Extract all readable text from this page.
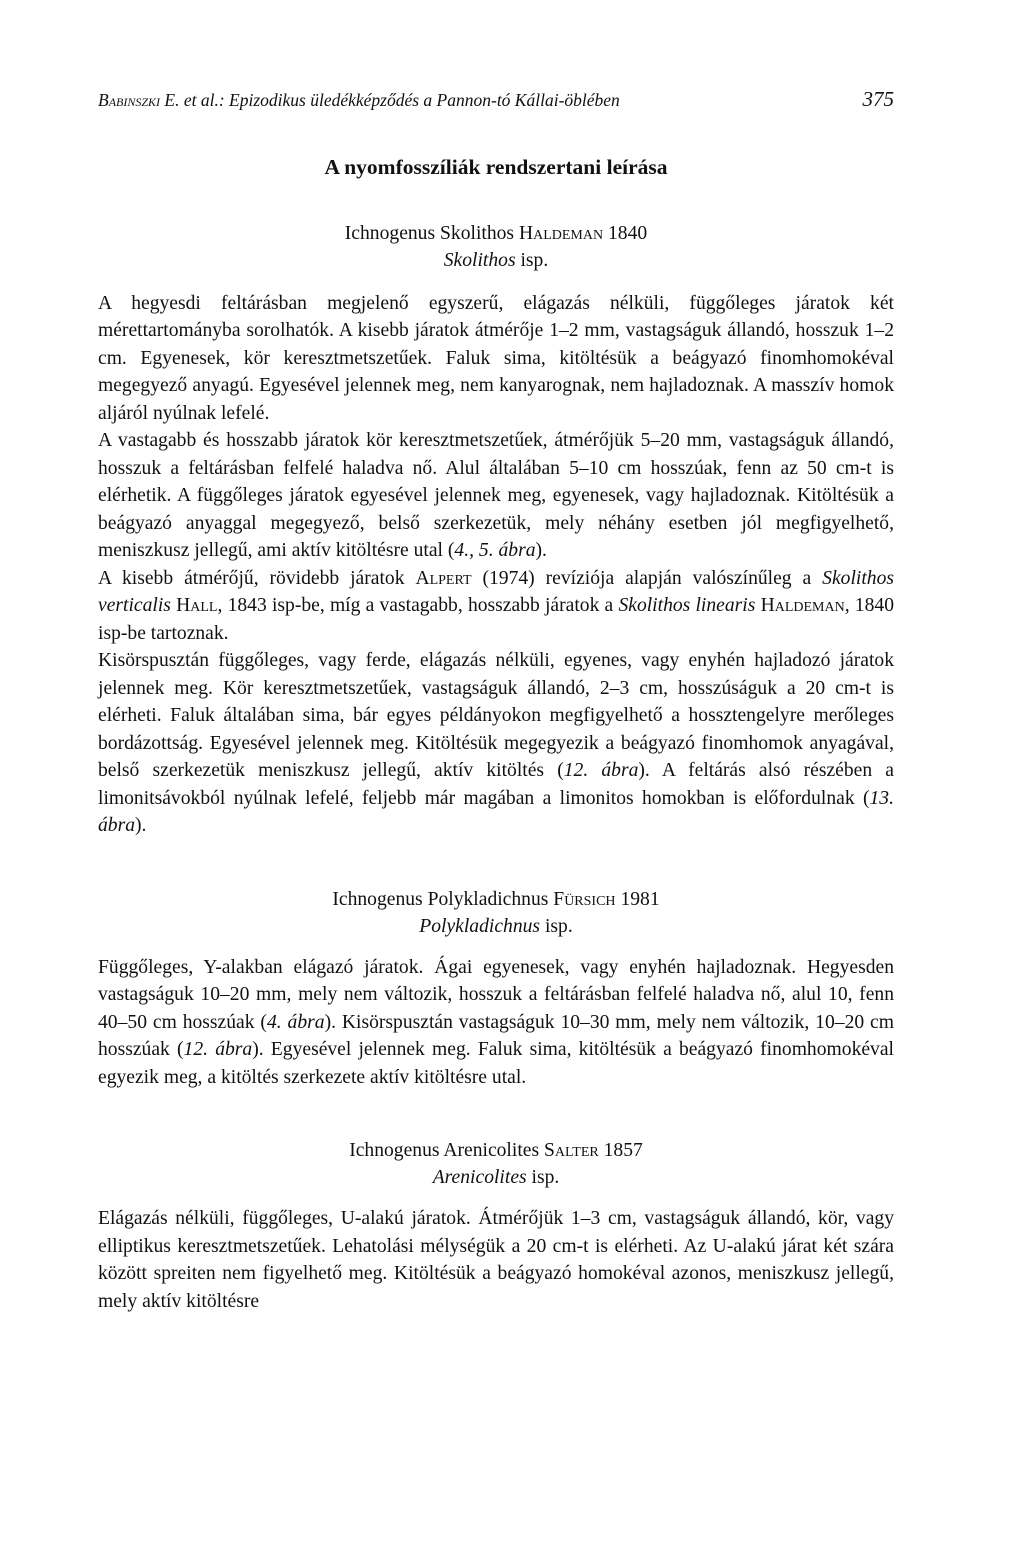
Babinszki E. et al.: Epizodikus üledékképződés a Pannon-tó Kállai-öblében	375
A nyomfosszíliák rendszertani leírása
Ichnogenus Skolithos Haldeman 1840
Skolithos isp.

A hegyesdi feltárásban megjelenő egyszerű, elágazás nélküli, függőleges járatok két mérettartományba sorolhatók. A kisebb járatok átmérője 1–2 mm, vastagságuk állandó, hosszuk 1–2 cm. Egyenesek, kör keresztmetszetűek. Faluk sima, kitöltésük a beágyazó finomhomokéval megegyező anyagú. Egyesével jelennek meg, nem kanyarognak, nem hajladoznak. A masszív homok aljáról nyúlnak lefelé.

A vastagabb és hosszabb járatok kör keresztmetszetűek, átmérőjük 5–20 mm, vastagságuk állandó, hosszuk a feltárásban felfelé haladva nő. Alul általában 5–10 cm hosszúak, fenn az 50 cm-t is elérhetik. A függőleges járatok egyesével jelennek meg, egyenesek, vagy hajladoznak. Kitöltésük a beágyazó anyaggal megegyező, belső szerkezetük, mely néhány esetben jól megfigyelhető, meniszkusz jellegű, ami aktív kitöltésre utal (4., 5. ábra).

A kisebb átmérőjű, rövidebb járatok Alpert (1974) revíziója alapján valószínűleg a Skolithos verticalis Hall, 1843 isp-be, míg a vastagabb, hosszabb járatok a Skolithos linearis Haldeman, 1840 isp-be tartoznak.

Kisörspusztán függőleges, vagy ferde, elágazás nélküli, egyenes, vagy enyhén hajladozó járatok jelennek meg. Kör keresztmetszetűek, vastagságuk állandó, 2–3 cm, hosszúságuk a 20 cm-t is elérheti. Faluk általában sima, bár egyes példányokon megfigyelhető a hossztengelyre merőleges bordázottság. Egyesével jelennek meg. Kitöltésük megegyezik a beágyazó finomhomok anyagával, belső szerkezetük meniszkusz jellegű, aktív kitöltés (12. ábra). A feltárás alsó részében a limonitsávokból nyúlnak lefelé, feljebb már magában a limonitos homokban is előfordulnak (13. ábra).

Ichnogenus Polykladichnus Fürsich 1981
Polykladichnus isp.

Függőleges, Y-alakban elágazó járatok. Ágai egyenesek, vagy enyhén hajladoznak. Hegyesden vastagságuk 10–20 mm, mely nem változik, hosszuk a feltárásban felfelé haladva nő, alul 10, fenn 40–50 cm hosszúak (4. ábra). Kisörspusztán vastagságuk 10–30 mm, mely nem változik, 10–20 cm hosszúak (12. ábra). Egyesével jelennek meg. Faluk sima, kitöltésük a beágyazó finomhomokéval egyezik meg, a kitöltés szerkezete aktív kitöltésre utal.

Ichnogenus Arenicolites Salter 1857
Arenicolites isp.

Elágazás nélküli, függőleges, U-alakú járatok. Átmérőjük 1–3 cm, vastagságuk állandó, kör, vagy elliptikus keresztmetszetűek. Lehatolási mélységük a 20 cm-t is elérheti. Az U-alakú járat két szára között spreiten nem figyelhető meg. Kitöltésük a beágyazó homokéval azonos, meniszkusz jellegű, mely aktív kitöltésre
